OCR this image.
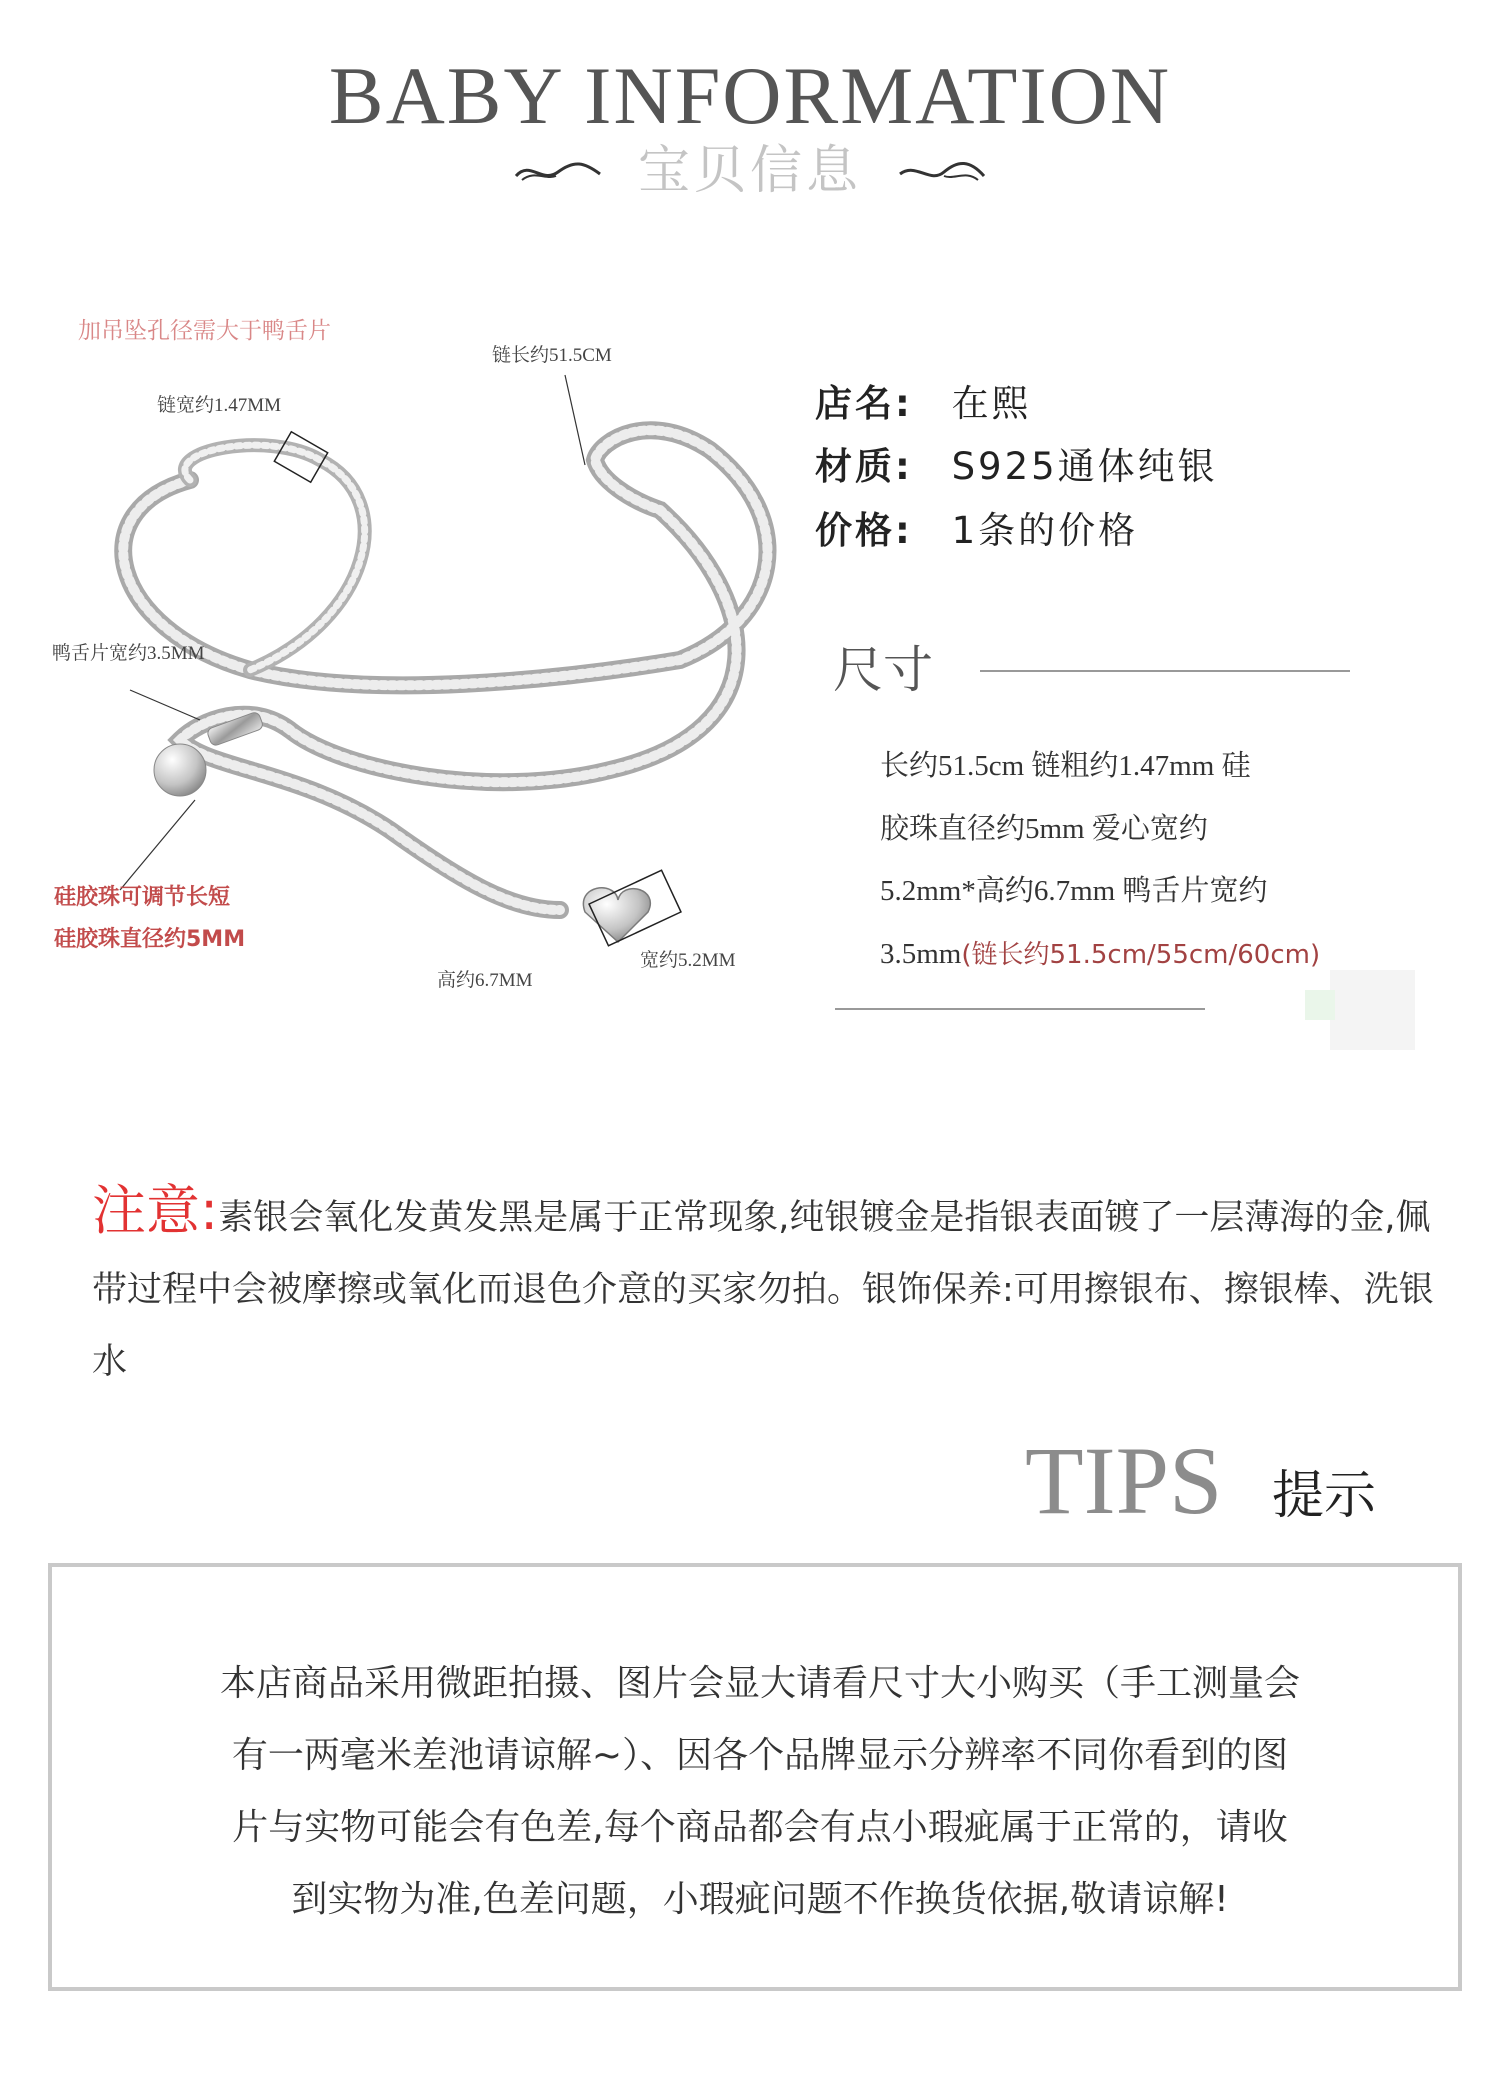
BABY INFORMATION
宝贝信息
加吊坠孔径需大于鸭舌片
链宽约1.47MM
链长约51.5CM
鸭舌片宽约3.5MM
硅胶珠可调节长短
硅胶珠直径约5MM
高约6.7MM
宽约5.2MM
店名: 在熙
材质: S925通体纯银
价格: 1条的价格
尺寸
长约51.5cm 链粗约1.47mm 硅
胶珠直径约5mm 爱心宽约
5.2mm*高约6.7mm 鸭舌片宽约
3.5mm(链长约51.5cm/55cm/60cm)
注意:素银会氧化发黄发黑是属于正常现象,纯银镀金是指银表面镀了一层薄海的金,佩带过程中会被摩擦或氧化而退色介意的买家勿拍。银饰保养:可用擦银布、擦银棒、洗银水
TIPS 提示
本店商品采用微距拍摄、图片会显大请看尺寸大小购买（手工测量会
有一两毫米差池请谅解~）、因各个品牌显示分辨率不同你看到的图
片与实物可能会有色差,每个商品都会有点小瑕疵属于正常的，请收
到实物为准,色差问题，小瑕疵问题不作换货依据,敬请谅解!
